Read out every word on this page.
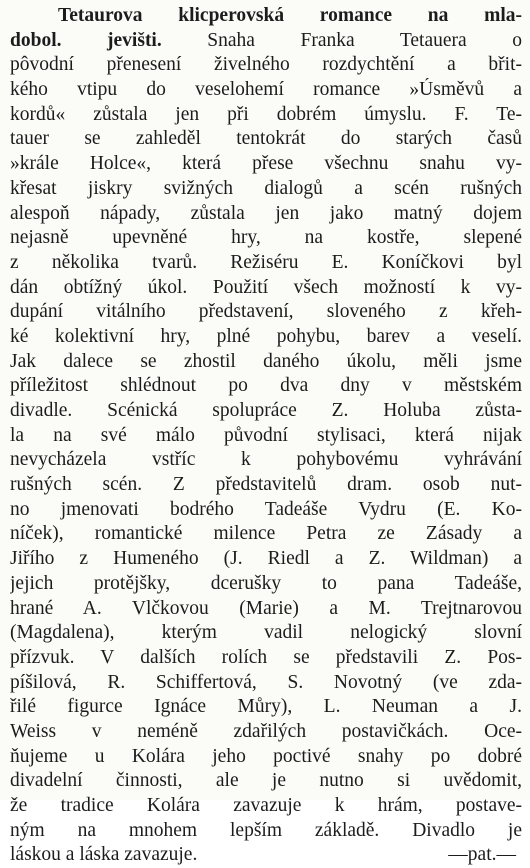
Tetaurova klicperovská romance na mla-
dobol. jevišti. Snaha Franka Tetauera o
pôvodní přenesení živelného rozdychtění a břit-
kého vtipu do veselohemí romance »Úsměvů a
kordů« zůstala jen při dobrém úmyslu. F. Te-
tauer se zahleděl tentokrát do starých časů
»krále Holce«, která přese všechnu snahu vy-
křesat jiskry svižných dialogů a scén rušných
alespoň nápady, zůstala jen jako matný dojem
nejasně upevněné hry, na kostře, slepené
z několika tvarů. Režiséru E. Koníčkovi byl
dán obtížný úkol. Použití všech možností k vy-
dupání vitálního představení, sloveného z křeh-
ké kolektivní hry, plné pohybu, barev a veselí.
Jak dalece se zhostil daného úkolu, měli jsme
příležitost shlédnout po dva dny v městském
divadle. Scénická spolupráce Z. Holuba zůsta-
la na své málo původní stylisaci, která nijak
nevycházela vstříc k pohybovému vyhrávání
rušných scén. Z představitelů dram. osob nut-
no jmenovati bodrého Tadeáše Vydru (E. Ko-
níček), romantické milence Petra ze Zásady a
Jiřího z Humeného (J. Riedl a Z. Wildman) a
jejich protějšky, dcerušky to pana Tadeáše,
hrané A. Vlčkovou (Marie) a M. Trejtnarovou
(Magdalena), kterým vadil nelogický slovní
přízvuk. V dalších rolích se představili Z. Pos-
píšilová, R. Schiffertová, S. Novotný (ve zda-
řilé figurce Ignáce Můry), L. Neuman a J.
Weiss v neméně zdařilých postavičkách. Oce-
ňujeme u Kolára jeho poctivé snahy po dobré
divadelní činnosti, ale je nutno si uvědomit,
že tradice Kolára zavazuje k hrám, postave-
ným na mnohem lepším základě. Divadlo je
láskou a láska zavazuje.	—pat.—
